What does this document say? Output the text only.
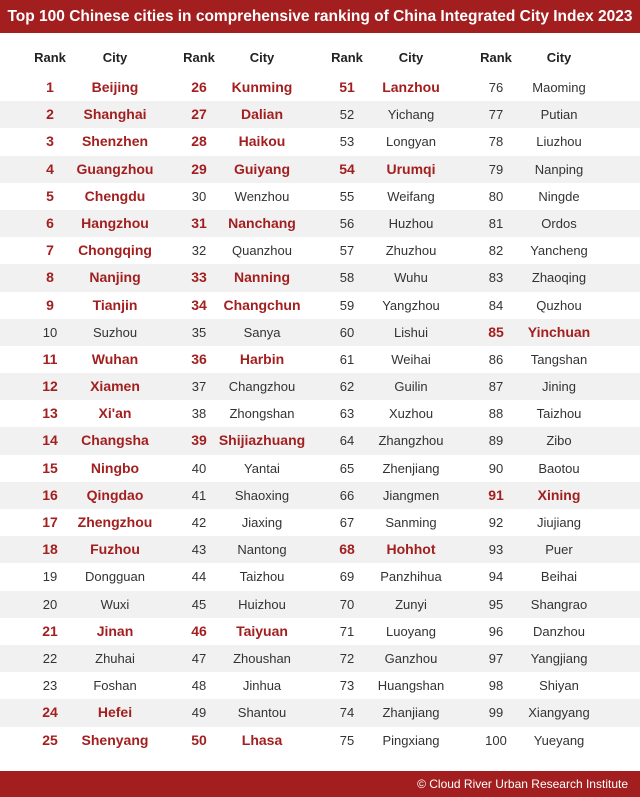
Top 100 Chinese cities in comprehensive ranking of China Integrated City Index 2023
Rank	City	Rank	City	Rank	City	Rank	City
1	Beijing	26	Kunming	51	Lanzhou	76	Maoming
2	Shanghai	27	Dalian	52	Yichang	77	Putian
3	Shenzhen	28	Haikou	53	Longyan	78	Liuzhou
4	Guangzhou	29	Guiyang	54	Urumqi	79	Nanping
5	Chengdu	30	Wenzhou	55	Weifang	80	Ningde
6	Hangzhou	31	Nanchang	56	Huzhou	81	Ordos
7	Chongqing	32	Quanzhou	57	Zhuzhou	82	Yancheng
8	Nanjing	33	Nanning	58	Wuhu	83	Zhaoqing
9	Tianjin	34	Changchun	59	Yangzhou	84	Quzhou
10	Suzhou	35	Sanya	60	Lishui	85	Yinchuan
11	Wuhan	36	Harbin	61	Weihai	86	Tangshan
12	Xiamen	37	Changzhou	62	Guilin	87	Jining
13	Xi'an	38	Zhongshan	63	Xuzhou	88	Taizhou
14	Changsha	39 Shijiazhuang	64	Zhangzhou	89	Zibo
15	Ningbo	40	Yantai	65	Zhenjiang	90	Baotou
16	Qingdao	41	Shaoxing	66	Jiangmen	91	Xining
17	Zhengzhou	42	Jiaxing	67	Sanming	92	Jiujiang
18	Fuzhou	43	Nantong	68	Hohhot	93	Puer
19	Dongguan	44	Taizhou	69	Panzhihua	94	Beihai
20	Wuxi	45	Huizhou	70	Zunyi	95	Shangrao
21	Jinan	46	Taiyuan	71	Luoyang	96	Danzhou
22	Zhuhai	47	Zhoushan	72	Ganzhou	97	Yangjiang
23	Foshan	48	Jinhua	73	Huangshan	98	Shiyan
24	Hefei	49	Shantou	74	Zhanjiang	99	Xiangyang
25	Shenyang	50	Lhasa	75	Pingxiang	100	Yueyang
© Cloud River Urban Research Institute
